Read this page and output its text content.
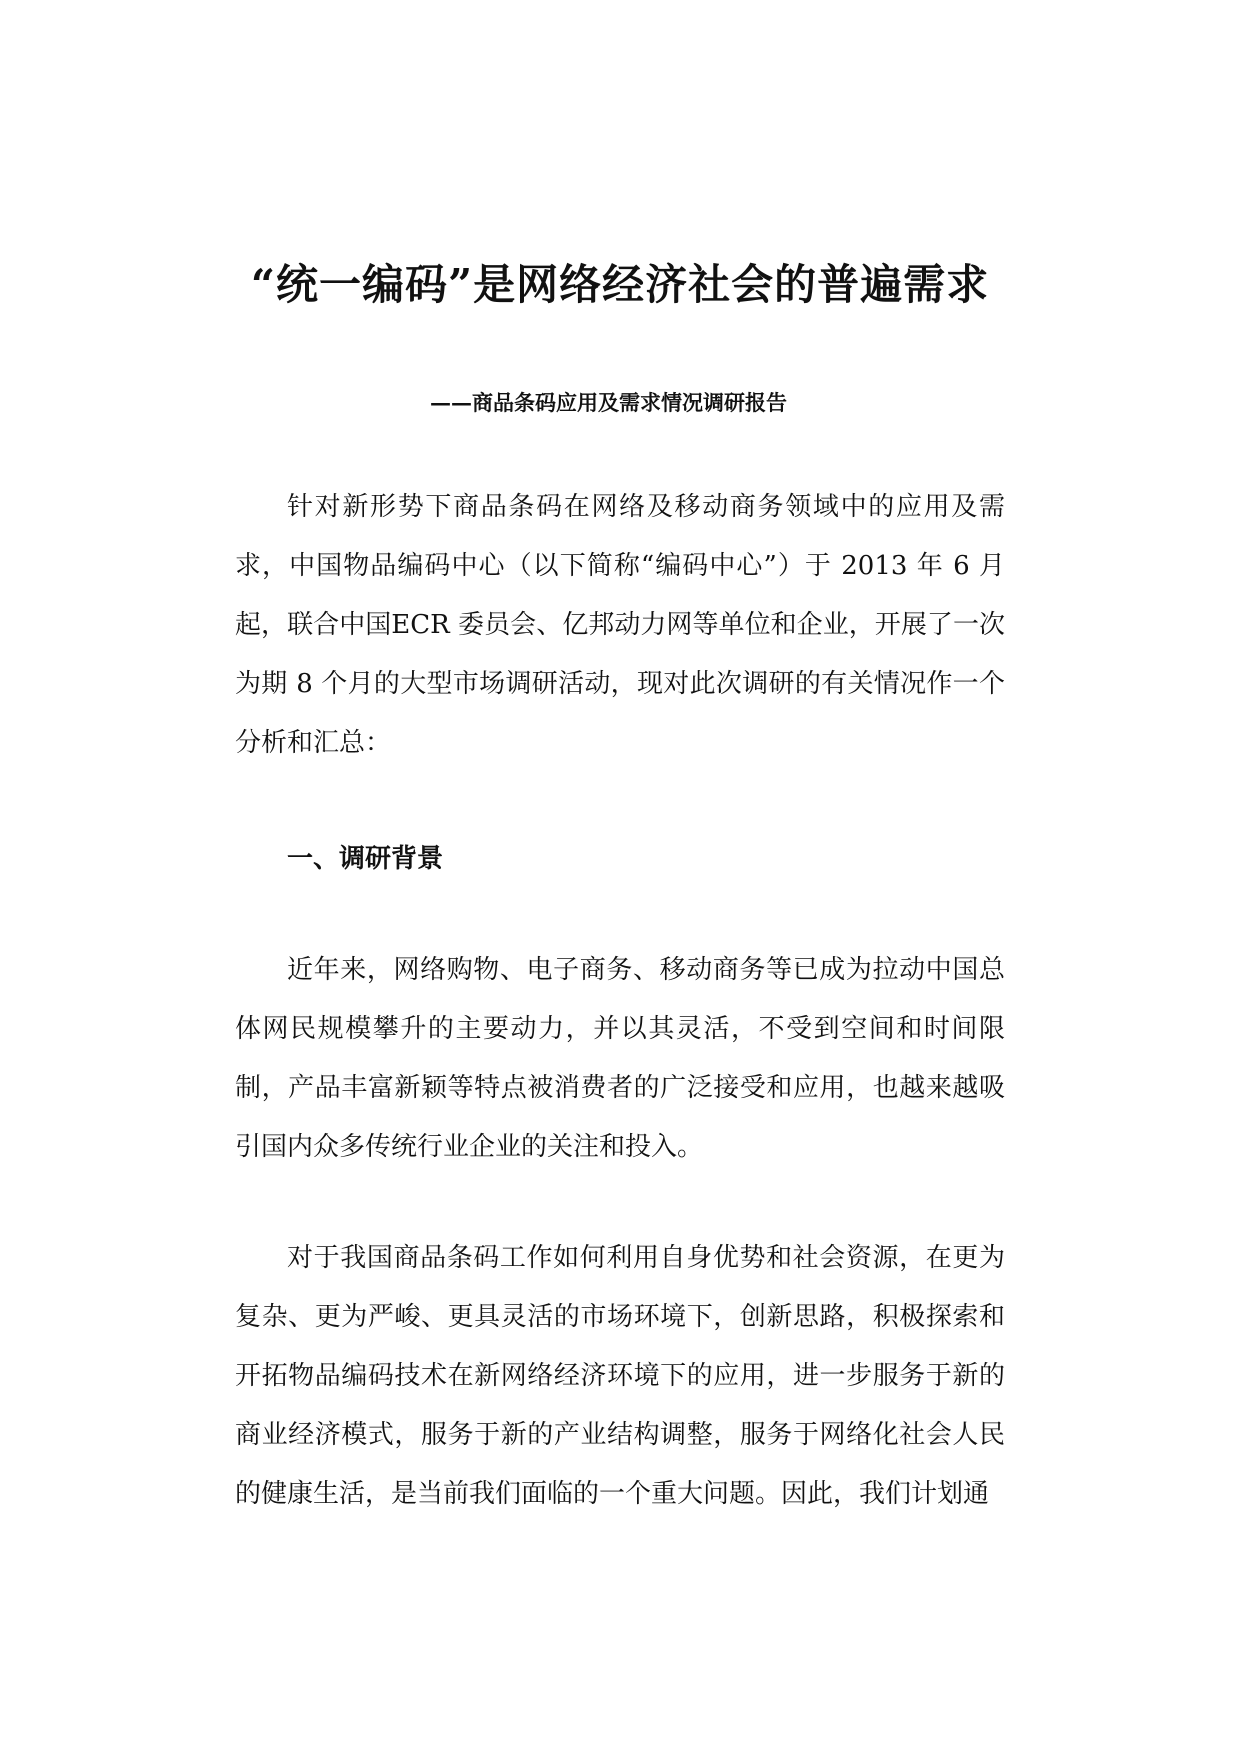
“统一编码”是网络经济社会的普遍需求
——商品条码应用及需求情况调研报告

针对新形势下商品条码在网络及移动商务领域中的应用及需求，中国物品编码中心（以下简称“编码中心”）于 2013 年 6 月起，联合中国ECR 委员会、亿邦动力网等单位和企业，开展了一次为期 8 个月的大型市场调研活动，现对此次调研的有关情况作一个分析和汇总：

一、调研背景

近年来，网络购物、电子商务、移动商务等已成为拉动中国总体网民规模攀升的主要动力，并以其灵活，不受到空间和时间限制，产品丰富新颖等特点被消费者的广泛接受和应用，也越来越吸引国内众多传统行业企业的关注和投入。

对于我国商品条码工作如何利用自身优势和社会资源，在更为复杂、更为严峻、更具灵活的市场环境下，创新思路，积极探索和开拓物品编码技术在新网络经济环境下的应用，进一步服务于新的商业经济模式，服务于新的产业结构调整，服务于网络化社会人民的健康生活，是当前我们面临的一个重大问题。因此，我们计划通
